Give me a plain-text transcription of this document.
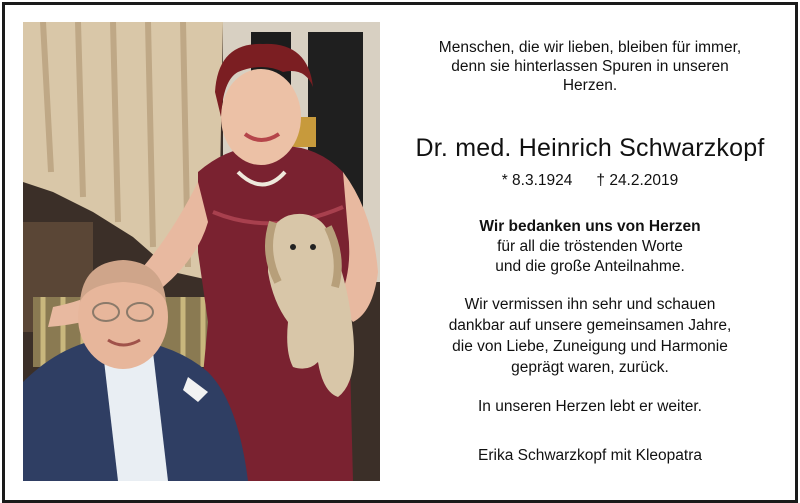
Menschen, die wir lieben, bleiben für immer,
denn sie hinterlassen Spuren in unseren
Herzen.
Dr. med. Heinrich Schwarzkopf
* 8.3.1924 † 24.2.2019
Wir bedanken uns von Herzen
für all die tröstenden Worte
und die große Anteilnahme.
Wir vermissen ihn sehr und schauen
dankbar auf unsere gemeinsamen Jahre,
die von Liebe, Zuneigung und Harmonie
geprägt waren, zurück.
In unseren Herzen lebt er weiter.
Erika Schwarzkopf mit Kleopatra
